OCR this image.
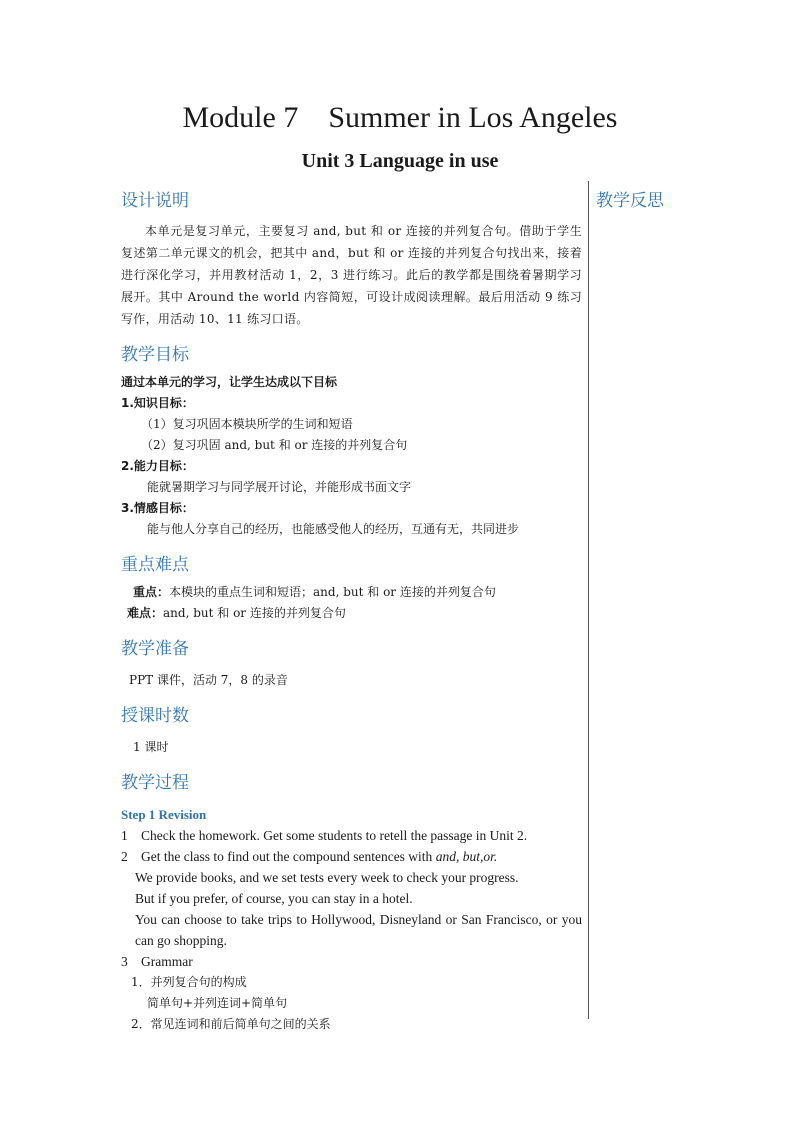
Module 7 Summer in Los Angeles
Unit 3 Language in use
教学反思

设计说明

本单元是复习单元，主要复习 and, but 和 or 连接的并列复合句。借助于学生复述第二单元课文的机会，把其中 and，but 和 or 连接的并列复合句找出来，接着进行深化学习，并用教材活动 1，2，3 进行练习。此后的教学都是围绕着暑期学习展开。其中 Around the world 内容简短，可设计成阅读理解。最后用活动 9 练习写作，用活动 10、11 练习口语。

教学目标

通过本单元的学习，让学生达成以下目标

1.知识目标：

（1）复习巩固本模块所学的生词和短语

（2）复习巩固 and, but 和 or 连接的并列复合句

2.能力目标：

能就暑期学习与同学展开讨论，并能形成书面文字

3.情感目标：

能与他人分享自己的经历，也能感受他人的经历，互通有无，共同进步

重点难点

重点：本模块的重点生词和短语；and, but 和 or 连接的并列复合句

难点：and, but 和 or 连接的并列复合句

教学准备

PPT 课件，活动 7，8 的录音

授课时数

1 课时

教学过程

Step 1 Revision

1 Check the homework. Get some students to retell the passage in Unit 2.

2 Get the class to find out the compound sentences with and, but,or.

We provide books, and we set tests every week to check your progress.

But if you prefer, of course, you can stay in a hotel.

You can choose to take trips to Hollywood, Disneyland or San Francisco, or you can go shopping.

3 Grammar

1．并列复合句的构成

简单句+并列连词+简单句

2．常见连词和前后简单句之间的关系
